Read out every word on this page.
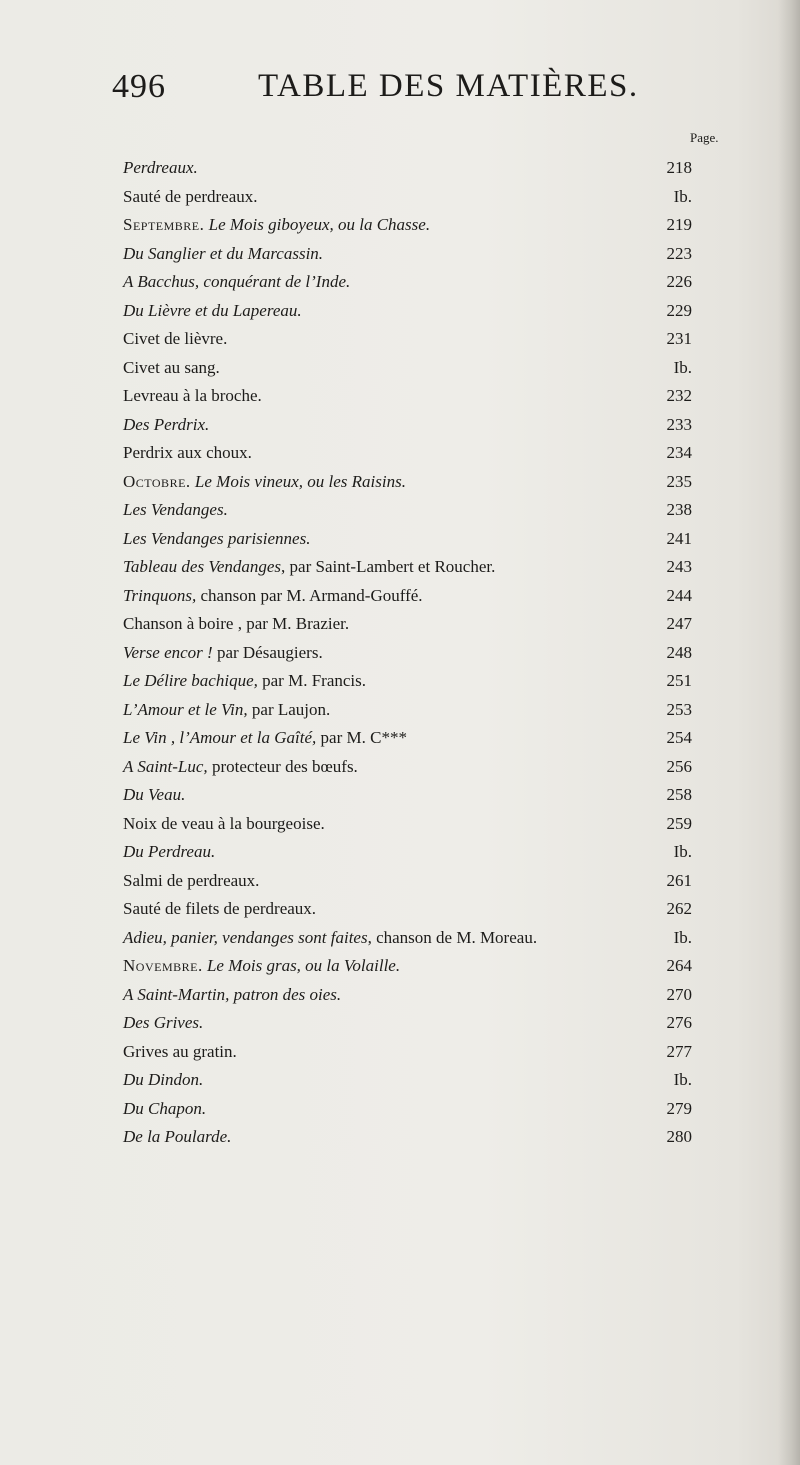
496	TABLE DES MATIÈRES.
Page.
Perdreaux.	218
Sauté de perdreaux.	Ib.
Septembre. Le Mois giboyeux, ou la Chasse.	219
Du Sanglier et du Marcassin.	223
A Bacchus, conquérant de l’Inde.	226
Du Lièvre et du Lapereau.	229
Civet de lièvre.	231
Civet au sang.	Ib.
Levreau à la broche.	232
Des Perdrix.	233
Perdrix aux choux.	234
Octobre. Le Mois vineux, ou les Raisins.	235
Les Vendanges.	238
Les Vendanges parisiennes.	241
Tableau des Vendanges, par Saint-Lambert et Roucher.	243
Trinquons, chanson par M. Armand-Gouffé.	244
Chanson à boire , par M. Brazier.	247
Verse encor ! par Désaugiers.	248
Le Délire bachique, par M. Francis.	251
L’Amour et le Vin, par Laujon.	253
Le Vin , l’Amour et la Gaîté, par M. C***	254
A Saint-Luc, protecteur des bœufs.	256
Du Veau.	258
Noix de veau à la bourgeoise.	259
Du Perdreau.	Ib.
Salmi de perdreaux.	261
Sauté de filets de perdreaux.	262
Adieu, panier, vendanges sont faites, chanson de M. Moreau.	Ib.
Novembre. Le Mois gras, ou la Volaille.	264
A Saint-Martin, patron des oies.	270
Des Grives.	276
Grives au gratin.	277
Du Dindon.	Ib.
Du Chapon.	279
De la Poularde.	280
